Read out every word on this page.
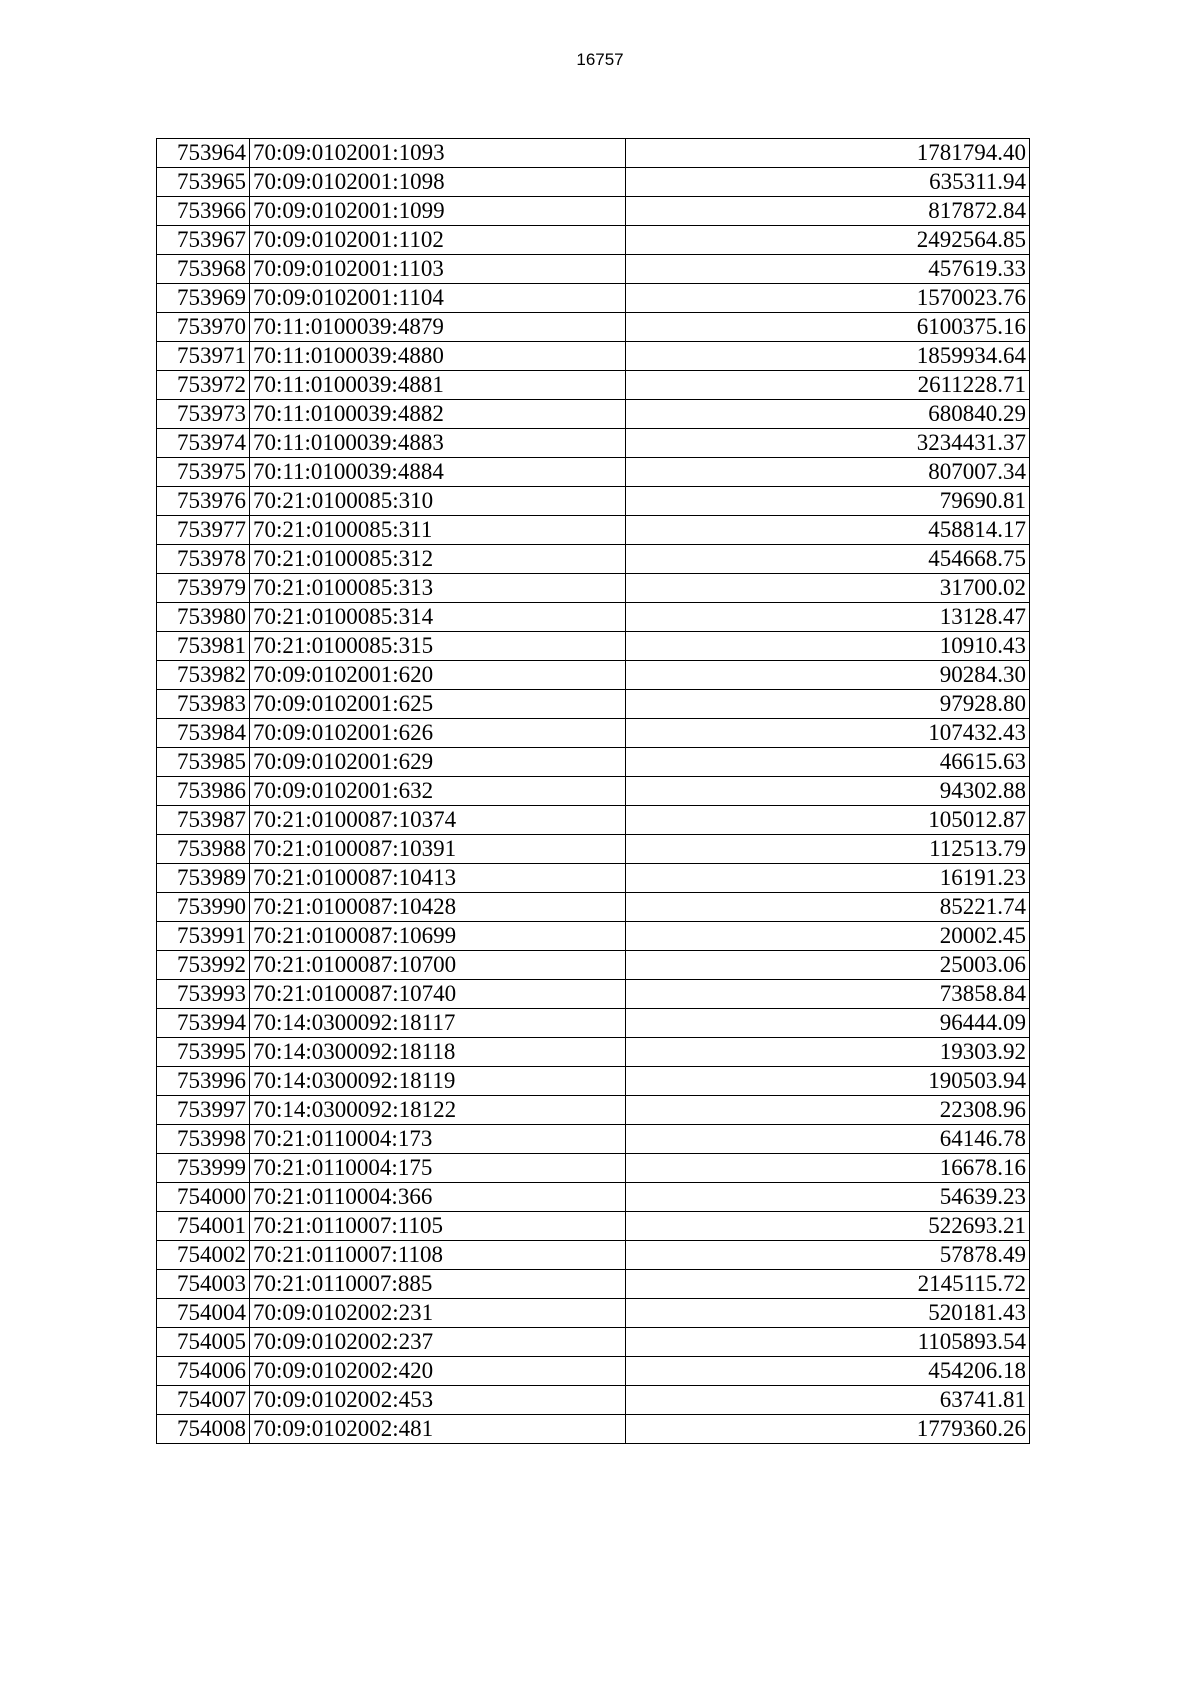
16757
753964	70:09:0102001:1093	1781794.40
753965	70:09:0102001:1098	635311.94
753966	70:09:0102001:1099	817872.84
753967	70:09:0102001:1102	2492564.85
753968	70:09:0102001:1103	457619.33
753969	70:09:0102001:1104	1570023.76
753970	70:11:0100039:4879	6100375.16
753971	70:11:0100039:4880	1859934.64
753972	70:11:0100039:4881	2611228.71
753973	70:11:0100039:4882	680840.29
753974	70:11:0100039:4883	3234431.37
753975	70:11:0100039:4884	807007.34
753976	70:21:0100085:310	79690.81
753977	70:21:0100085:311	458814.17
753978	70:21:0100085:312	454668.75
753979	70:21:0100085:313	31700.02
753980	70:21:0100085:314	13128.47
753981	70:21:0100085:315	10910.43
753982	70:09:0102001:620	90284.30
753983	70:09:0102001:625	97928.80
753984	70:09:0102001:626	107432.43
753985	70:09:0102001:629	46615.63
753986	70:09:0102001:632	94302.88
753987	70:21:0100087:10374	105012.87
753988	70:21:0100087:10391	112513.79
753989	70:21:0100087:10413	16191.23
753990	70:21:0100087:10428	85221.74
753991	70:21:0100087:10699	20002.45
753992	70:21:0100087:10700	25003.06
753993	70:21:0100087:10740	73858.84
753994	70:14:0300092:18117	96444.09
753995	70:14:0300092:18118	19303.92
753996	70:14:0300092:18119	190503.94
753997	70:14:0300092:18122	22308.96
753998	70:21:0110004:173	64146.78
753999	70:21:0110004:175	16678.16
754000	70:21:0110004:366	54639.23
754001	70:21:0110007:1105	522693.21
754002	70:21:0110007:1108	57878.49
754003	70:21:0110007:885	2145115.72
754004	70:09:0102002:231	520181.43
754005	70:09:0102002:237	1105893.54
754006	70:09:0102002:420	454206.18
754007	70:09:0102002:453	63741.81
754008	70:09:0102002:481	1779360.26
